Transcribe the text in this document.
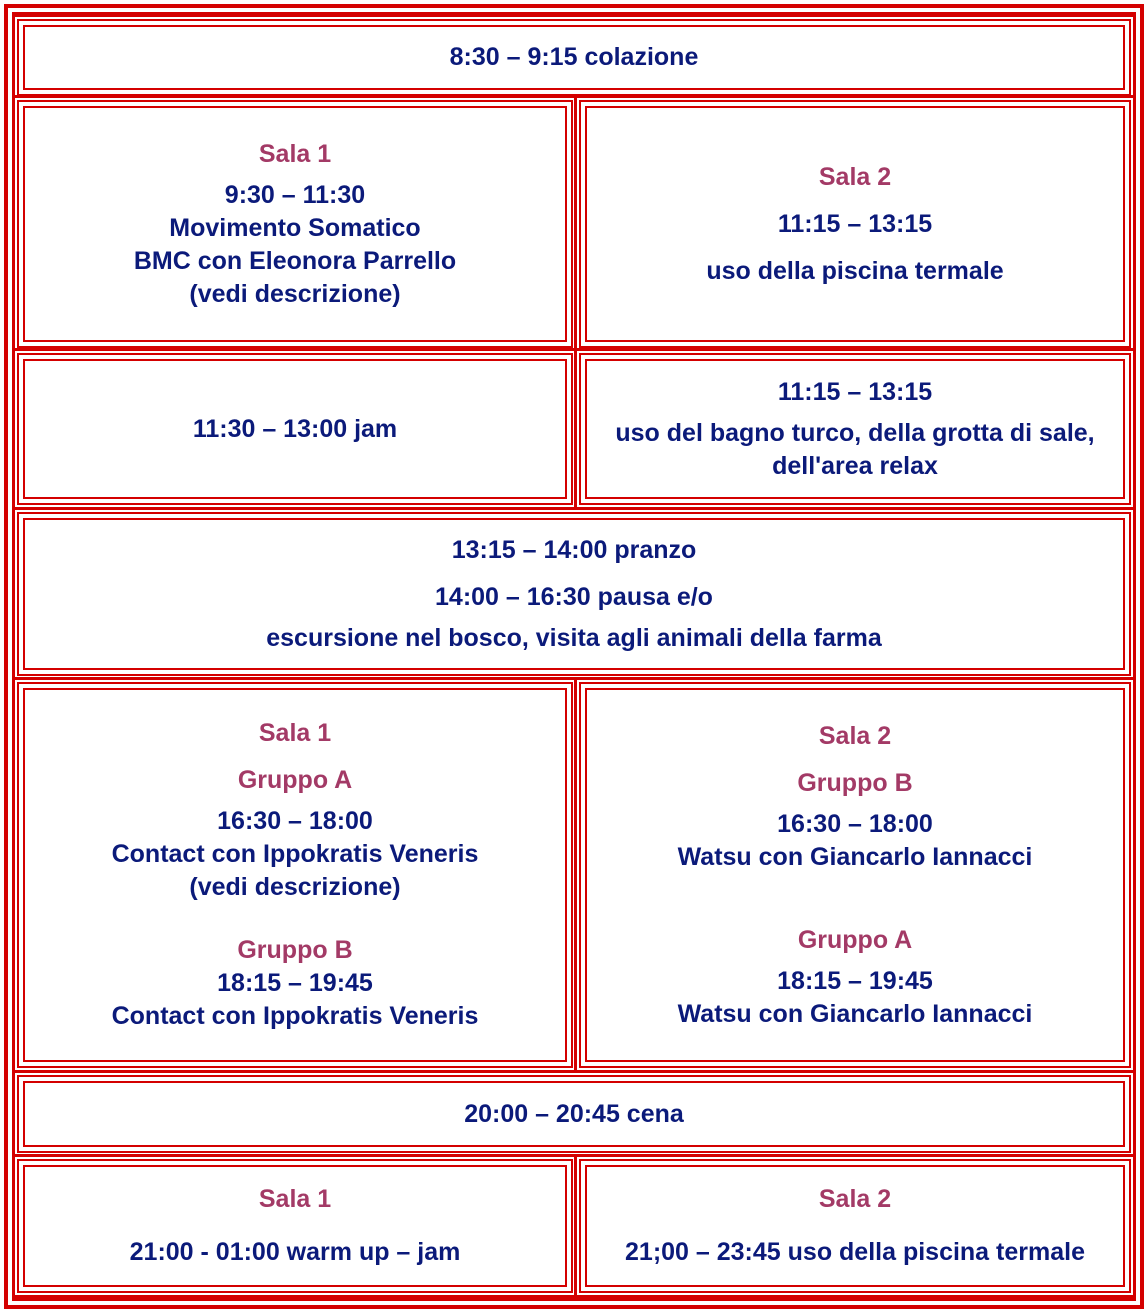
8:30 – 9:15 colazione
Sala 1
9:30 – 11:30
Movimento Somatico
BMC con Eleonora Parrello
(vedi descrizione)
Sala 2
11:15 – 13:15
uso della piscina termale
11:30 – 13:00 jam
11:15 – 13:15
uso del bagno turco, della grotta di sale,
dell'area relax
13:15 – 14:00 pranzo
14:00 – 16:30 pausa e/o
escursione nel bosco, visita agli animali della farma
Sala 1
Gruppo A
16:30 – 18:00
Contact con Ippokratis Veneris
(vedi descrizione)
Gruppo B
18:15 – 19:45
Contact con Ippokratis Veneris
Sala 2
Gruppo B
16:30 – 18:00
Watsu con Giancarlo Iannacci
Gruppo A
18:15 – 19:45
Watsu con Giancarlo Iannacci
20:00 – 20:45 cena
Sala 1
21:00 - 01:00 warm up – jam
Sala 2
21;00 – 23:45 uso della piscina termale
